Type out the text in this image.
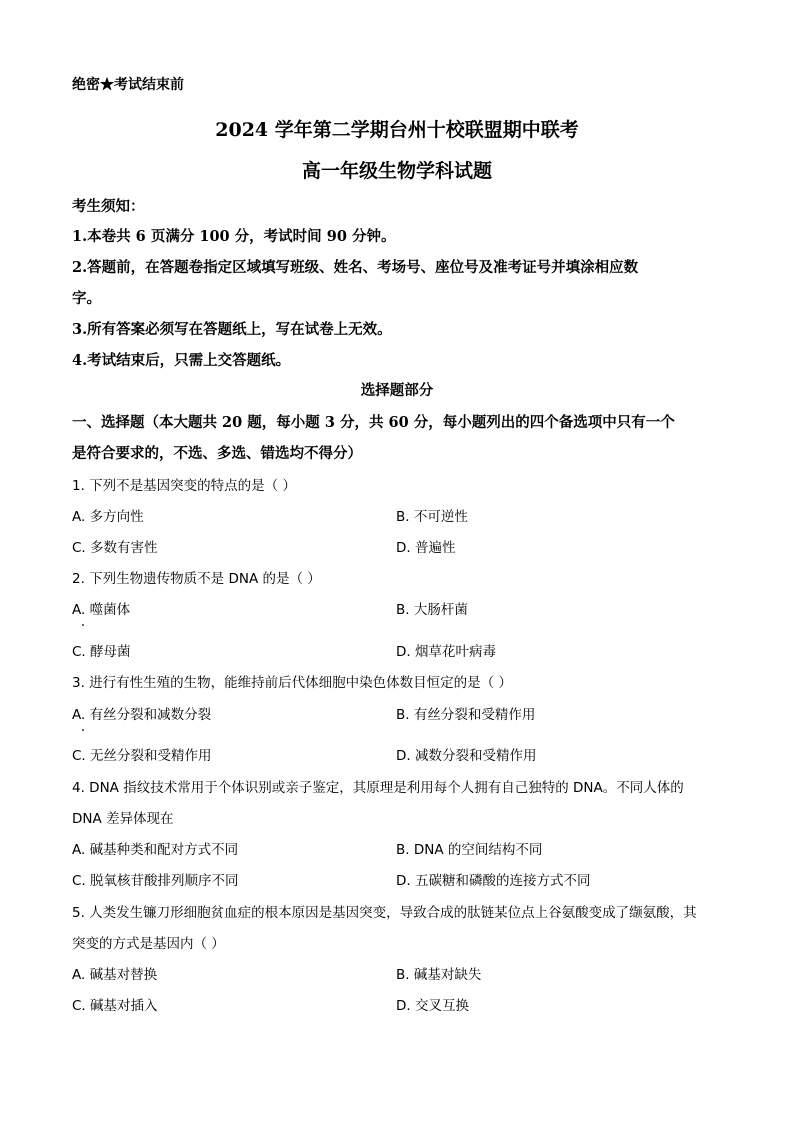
绝密★考试结束前
2024 学年第二学期台州十校联盟期中联考
高一年级生物学科试题
考生须知：
1.本卷共 6 页满分 100 分，考试时间 90 分钟。
2.答题前，在答题卷指定区域填写班级、姓名、考场号、座位号及准考证号并填涂相应数
字。
3.所有答案必须写在答题纸上，写在试卷上无效。
4.考试结束后，只需上交答题纸。
选择题部分
一、选择题（本大题共 20 题，每小题 3 分，共 60 分，每小题列出的四个备选项中只有一个
是符合要求的，不选、多选、错选均不得分）
1. 下列不是基因突变的特点的是（ ）
A. 多方向性	B. 不可逆性
C. 多数有害性	D. 普遍性
2. 下列生物遗传物质不是 DNA 的是（ ）
A. 噬菌体	B. 大肠杆菌
C. 酵母菌	D. 烟草花叶病毒
3. 进行有性生殖的生物，能维持前后代体细胞中染色体数目恒定的是（ ）
A. 有丝分裂和减数分裂	B. 有丝分裂和受精作用
C. 无丝分裂和受精作用	D. 减数分裂和受精作用
4. DNA 指纹技术常用于个体识别或亲子鉴定，其原理是利用每个人拥有自己独特的 DNA。不同人体的
DNA 差异体现在
A. 碱基种类和配对方式不同	B. DNA 的空间结构不同
C. 脱氧核苷酸排列顺序不同	D. 五碳糖和磷酸的连接方式不同
5. 人类发生镰刀形细胞贫血症的根本原因是基因突变，导致合成的肽链某位点上谷氨酸变成了缬氨酸，其
突变的方式是基因内（ ）
A. 碱基对替换	B. 碱基对缺失
C. 碱基对插入	D. 交叉互换
